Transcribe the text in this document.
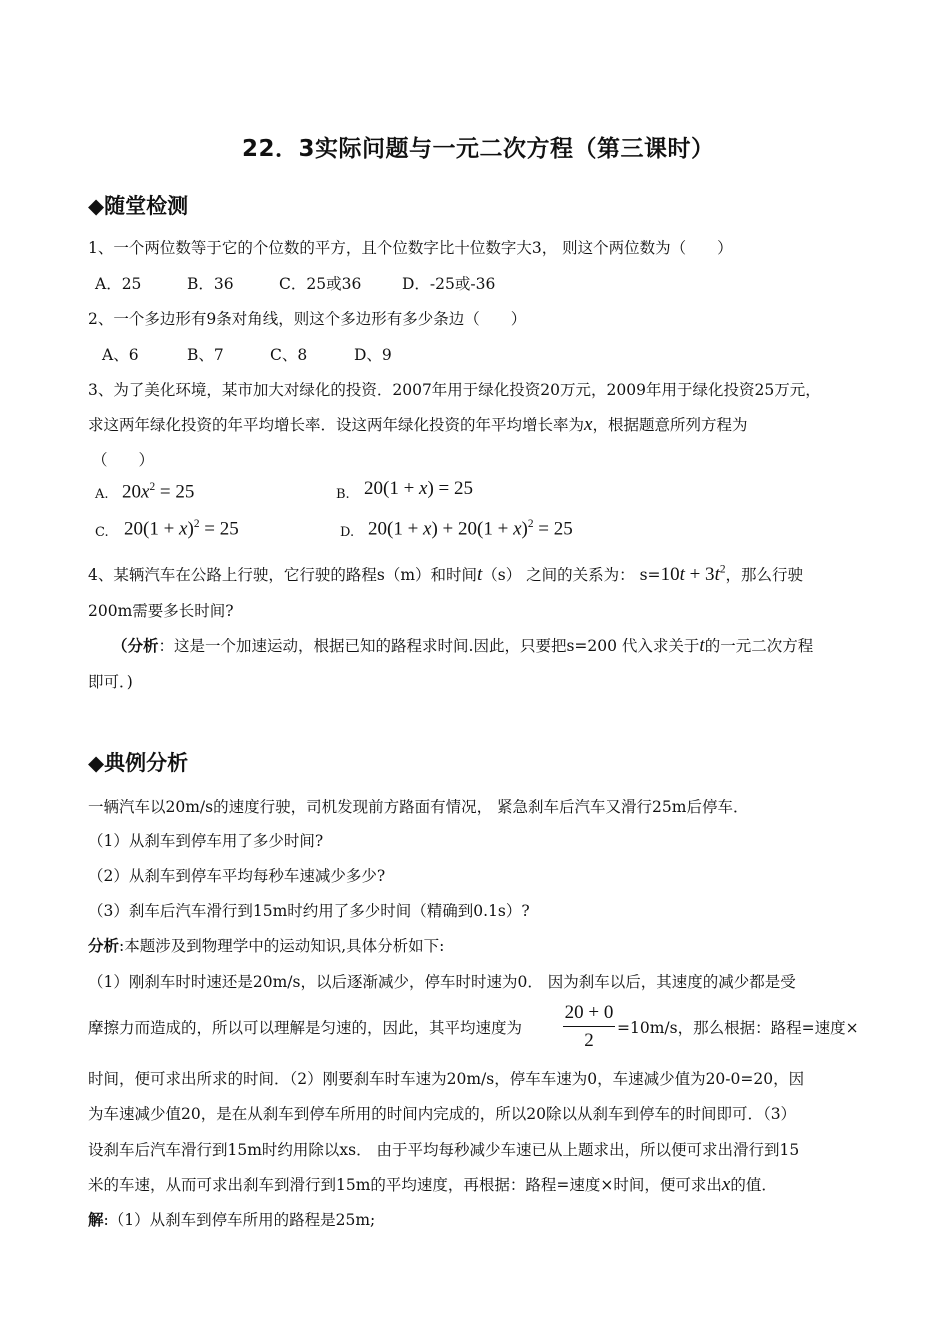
22．3实际问题与一元二次方程（第三课时）
◆随堂检测
1、一个两位数等于它的个位数的平方，且个位数字比十位数字大3， 则这个两位数为（　　）
A．25	B．36	C．25或36	D．-25或-36
2、一个多边形有9条对角线，则这个多边形有多少条边（　　）
A、6	B、7	C、8	D、9
3、为了美化环境，某市加大对绿化的投资．2007年用于绿化投资20万元，2009年用于绿化投资25万元，
求这两年绿化投资的年平均增长率．设这两年绿化投资的年平均增长率为x，根据题意所列方程为
（　　）
A. $20x^2 = 25$	B. 20(1 + x) = 25
C. $20(1 + x)^2 = 25$	D. $20(1 + x) + 20(1 + x)^2 = 25$
4、某辆汽车在公路上行驶，它行驶的路程s（m）和时间t（s） 之间的关系为： $s=10t + 3t^2$，那么行驶
200m需要多长时间?
（分析：这是一个加速运动，根据已知的路程求时间.因此，只要把s=200 代入求关于t的一元二次方程
即可．)
◆典例分析
一辆汽车以20m/s的速度行驶，司机发现前方路面有情况， 紧急刹车后汽车又滑行25m后停车．
（1）从刹车到停车用了多少时间?
（2）从刹车到停车平均每秒车速减少多少?
（3）刹车后汽车滑行到15m时约用了多少时间（精确到0.1s）?
分析:本题涉及到物理学中的运动知识,具体分析如下:
（1）刚刹车时时速还是20m/s，以后逐渐减少，停车时时速为0． 因为刹车以后，其速度的减少都是受
摩擦力而造成的，所以可以理解是匀速的，因此，其平均速度为 $\frac{20 + 0}{2} =10m/s$，那么根据：路程=速度×
时间，便可求出所求的时间．（2）刚要刹车时车速为20m/s，停车车速为0，车速减少值为20-0=20，因
为车速减少值20，是在从刹车到停车所用的时间内完成的，所以20除以从刹车到停车的时间即可．（3）
设刹车后汽车滑行到15m时约用除以xs． 由于平均每秒减少车速已从上题求出，所以便可求出滑行到15
米的车速，从而可求出刹车到滑行到15m的平均速度，再根据：路程=速度×时间，便可求出x的值．
解:（1）从刹车到停车所用的路程是25m;
